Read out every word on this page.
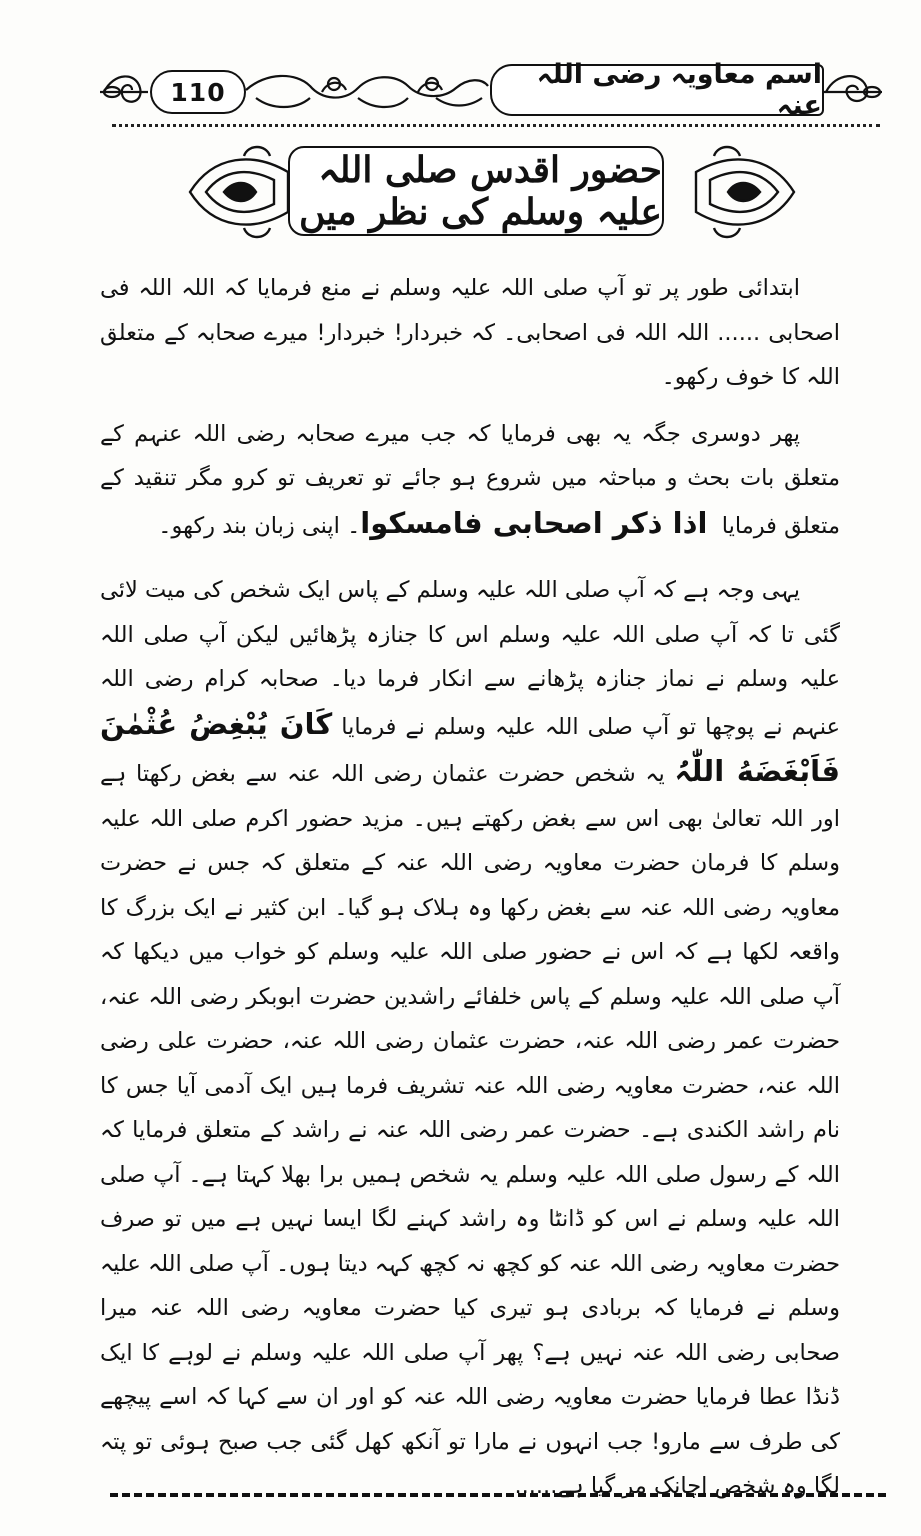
110
اسم معاویہ رضی اللہ عنہ
حضور اقدس صلی اللہ علیہ وسلم کی نظر میں

ابتدائی طور پر تو آپ صلی اللہ علیہ وسلم نے منع فرمایا کہ اللہ اللہ فی اصحابی ...... اللہ اللہ فی اصحابی۔ کہ خبردار! خبردار! میرے صحابہ کے متعلق اللہ کا خوف رکھو۔

پھر دوسری جگہ یہ بھی فرمایا کہ جب میرے صحابہ رضی اللہ عنہم کے متعلق بات بحث و مباحثہ میں شروع ہو جائے تو تعریف تو کرو مگر تنقید کے متعلق فرمایا  اذا ذکر اصحابی فامسکوا۔ اپنی زبان بند رکھو۔

یہی وجہ ہے کہ آپ صلی اللہ علیہ وسلم کے پاس ایک شخص کی میت لائی گئی تا کہ آپ صلی اللہ علیہ وسلم اس کا جنازہ پڑھائیں لیکن آپ صلی اللہ علیہ وسلم نے نماز جنازہ پڑھانے سے انکار فرما دیا۔ صحابہ کرام رضی اللہ عنہم نے پوچھا تو آپ صلی اللہ علیہ وسلم نے فرمایا کَانَ یُبْغِضُ عُثْمٰنَ فَاَبْغَضَهُ اللّٰہُ یہ شخص حضرت عثمان رضی اللہ عنہ سے بغض رکھتا ہے اور اللہ تعالیٰ بھی اس سے بغض رکھتے ہیں۔ مزید حضور اکرم صلی اللہ علیہ وسلم کا فرمان حضرت معاویہ رضی اللہ عنہ کے متعلق کہ جس نے حضرت معاویہ رضی اللہ عنہ سے بغض رکھا وہ ہلاک ہو گیا۔ ابن کثیر نے ایک بزرگ کا واقعہ لکھا ہے کہ اس نے حضور صلی اللہ علیہ وسلم کو خواب میں دیکھا کہ آپ صلی اللہ علیہ وسلم کے پاس خلفائے راشدین حضرت ابوبکر رضی اللہ عنہ، حضرت عمر رضی اللہ عنہ، حضرت عثمان رضی اللہ عنہ، حضرت علی رضی اللہ عنہ، حضرت معاویہ رضی اللہ عنہ تشریف فرما ہیں ایک آدمی آیا جس کا نام راشد الکندی ہے۔ حضرت عمر رضی اللہ عنہ نے راشد کے متعلق فرمایا کہ اللہ کے رسول صلی اللہ علیہ وسلم یہ شخص ہمیں برا بھلا کہتا ہے۔ آپ صلی اللہ علیہ وسلم نے اس کو ڈانٹا وہ راشد کہنے لگا ایسا نہیں ہے میں تو صرف حضرت معاویہ رضی اللہ عنہ کو کچھ نہ کچھ کہہ دیتا ہوں۔ آپ صلی اللہ علیہ وسلم نے فرمایا کہ بربادی ہو تیری کیا حضرت معاویہ رضی اللہ عنہ میرا صحابی رضی اللہ عنہ نہیں ہے؟ پھر آپ صلی اللہ علیہ وسلم نے لوہے کا ایک ڈنڈا عطا فرمایا حضرت معاویہ رضی اللہ عنہ کو اور ان سے کہا کہ اسے پیچھے کی طرف سے مارو! جب انہوں نے مارا تو آنکھ کھل گئی جب صبح ہوئی تو پتہ لگا وہ شخص اچانک مر گیا ہے......
